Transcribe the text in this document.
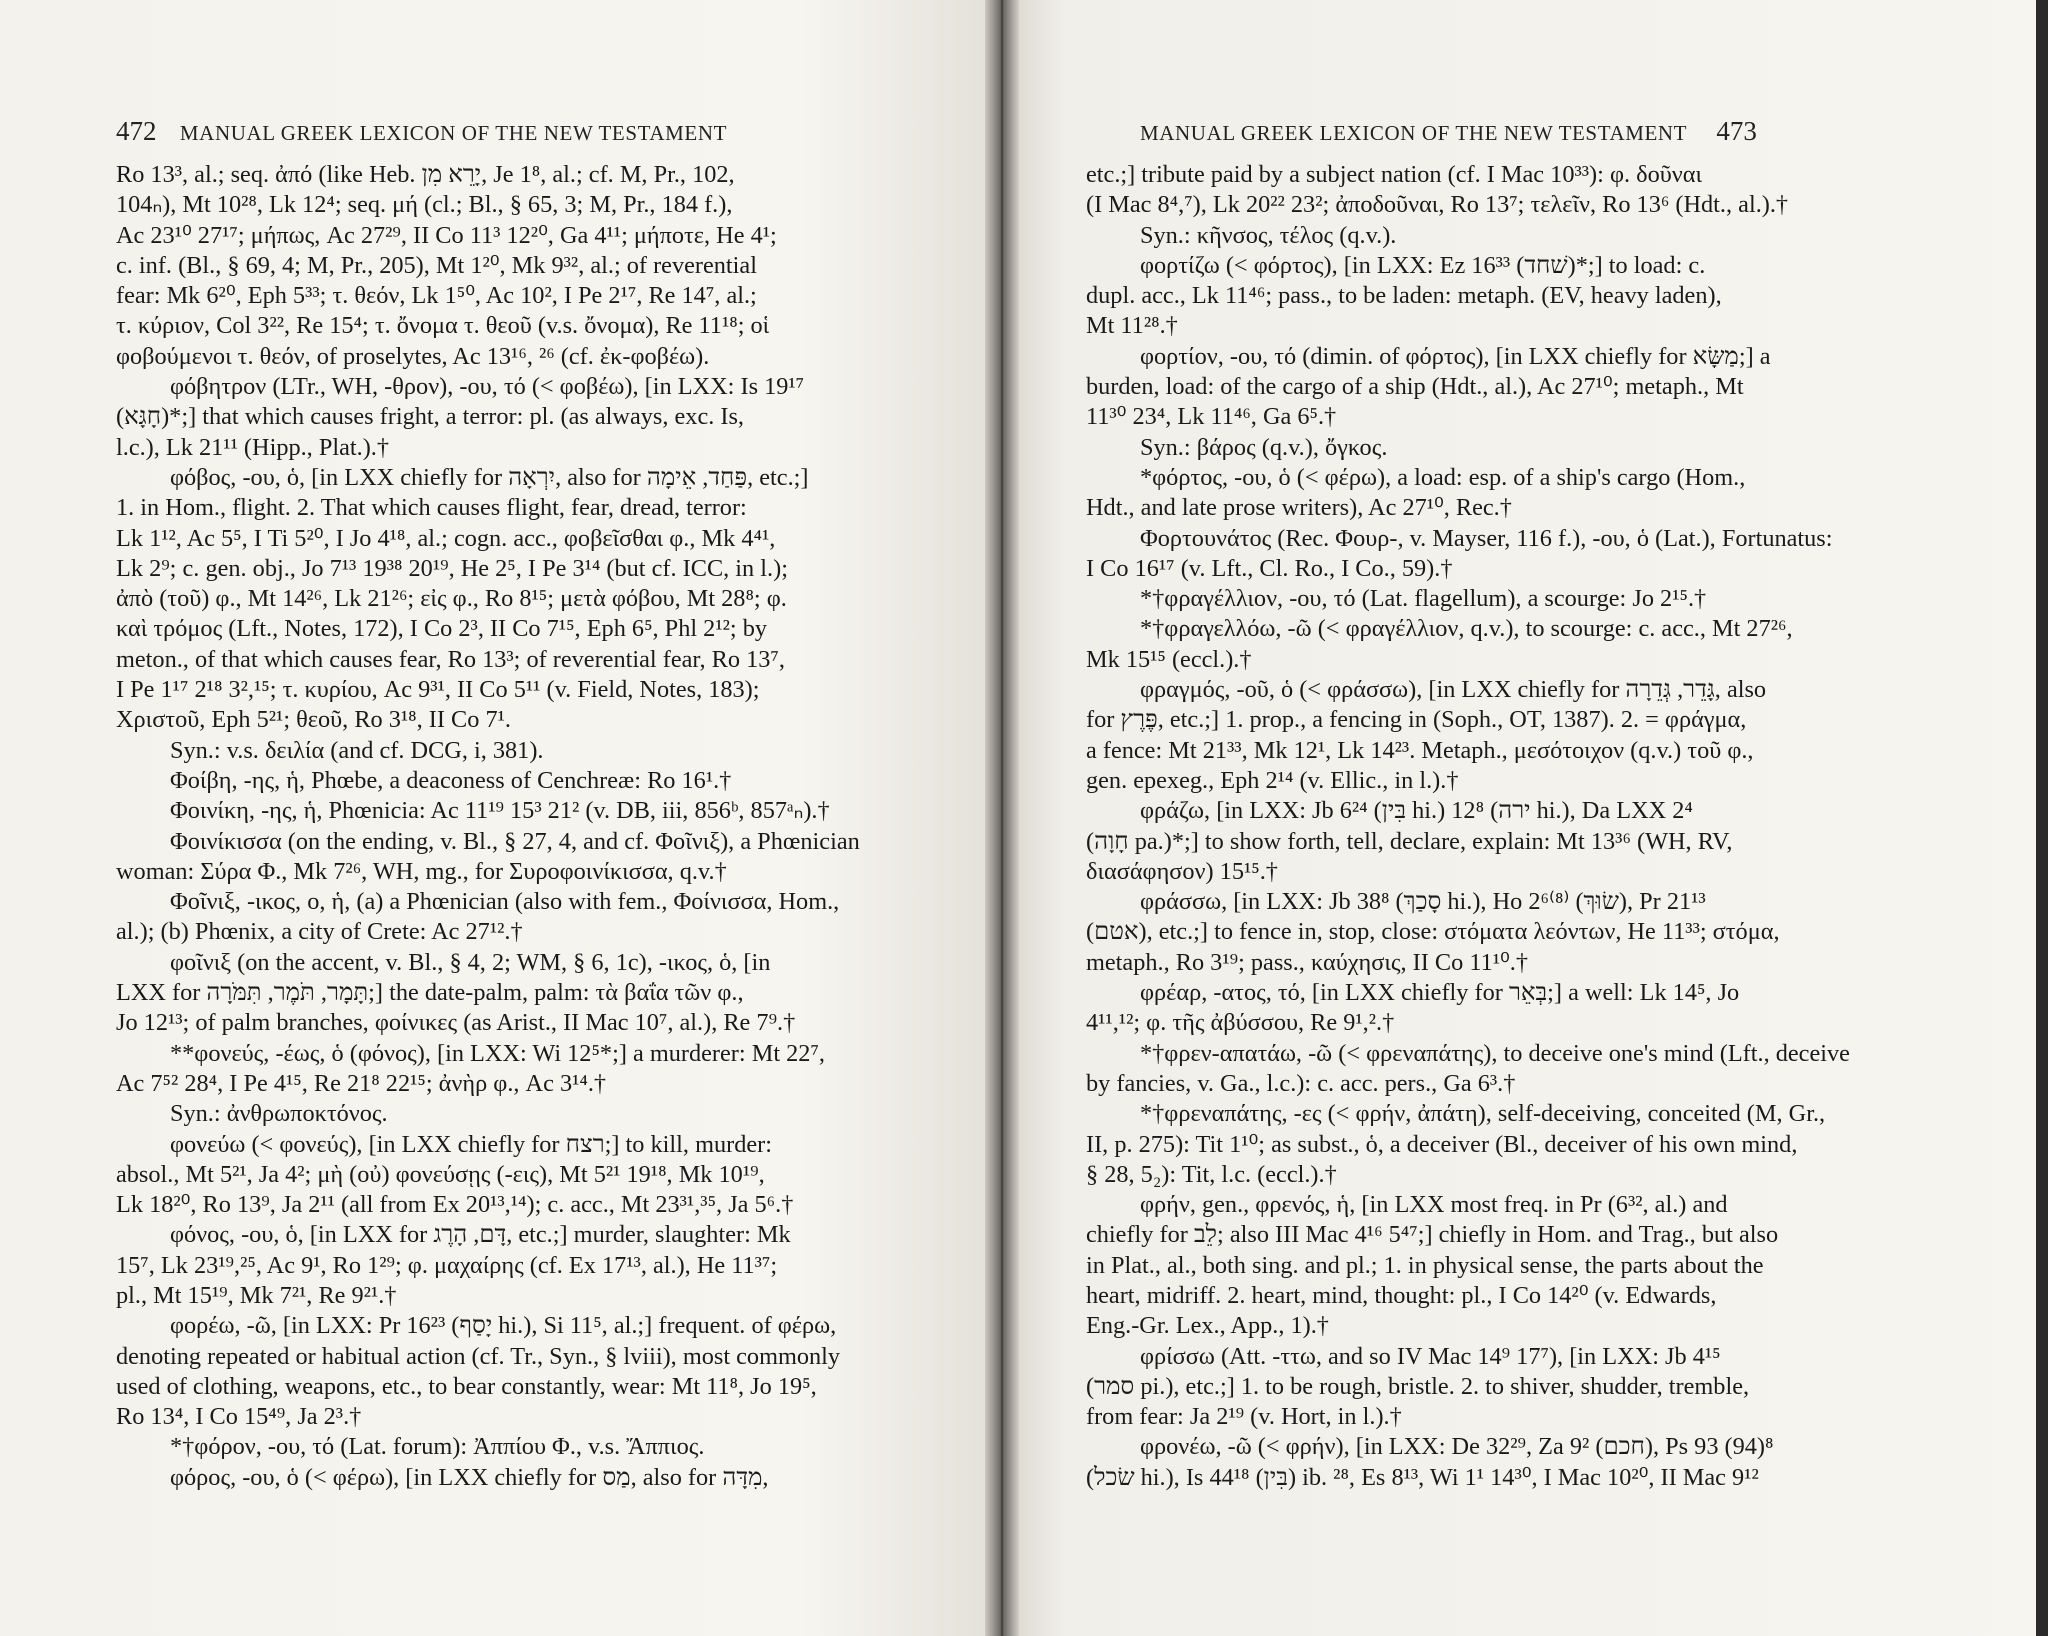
472 MANUAL GREEK LEXICON OF THE NEW TESTAMENT
Ro 13³, al.; seq. ἀπό (like Heb. יָרֵא מִן, Je 1⁸, al.; cf. M, Pr., 102,
104ₙ), Mt 10²⁸, Lk 12⁴; seq. μή (cl.; Bl., § 65, 3; M, Pr., 184 f.),
Ac 23¹⁰ 27¹⁷; μήπως, Ac 27²⁹, II Co 11³ 12²⁰, Ga 4¹¹; μήποτε, He 4¹;
c. inf. (Bl., § 69, 4; M, Pr., 205), Mt 1²⁰, Mk 9³², al.; of reverential
fear: Mk 6²⁰, Eph 5³³; τ. θεόν, Lk 1⁵⁰, Ac 10², I Pe 2¹⁷, Re 14⁷, al.;
τ. κύριον, Col 3²², Re 15⁴; τ. ὄνομα τ. θεοῦ (v.s. ὄνομα), Re 11¹⁸; οἱ
φοβούμενοι τ. θεόν, of proselytes, Ac 13¹⁶, ²⁶ (cf. ἐκ-φοβέω).
φόβητρον (LTr., WH, -θρον), -ου, τό (< φοβέω), [in LXX: Is 19¹⁷
(חָגָּא)*;] that which causes fright, a terror: pl. (as always, exc. Is,
l.c.), Lk 21¹¹ (Hipp., Plat.).†
φόβος, -ου, ὁ, [in LXX chiefly for יִרְאָה, also for פַּחַד, אֵימָה, etc.;]
1. in Hom., flight. 2. That which causes flight, fear, dread, terror:
Lk 1¹², Ac 5⁵, I Ti 5²⁰, I Jo 4¹⁸, al.; cogn. acc., φοβεῖσθαι φ., Mk 4⁴¹,
Lk 2⁹; c. gen. obj., Jo 7¹³ 19³⁸ 20¹⁹, He 2⁵, I Pe 3¹⁴ (but cf. ICC, in l.);
ἀπὸ (τοῦ) φ., Mt 14²⁶, Lk 21²⁶; εἰς φ., Ro 8¹⁵; μετὰ φόβου, Mt 28⁸; φ.
καὶ τρόμος (Lft., Notes, 172), I Co 2³, II Co 7¹⁵, Eph 6⁵, Phl 2¹²; by
meton., of that which causes fear, Ro 13³; of reverential fear, Ro 13⁷,
I Pe 1¹⁷ 2¹⁸ 3²,¹⁵; τ. κυρίου, Ac 9³¹, II Co 5¹¹ (v. Field, Notes, 183);
Χριστοῦ, Eph 5²¹; θεοῦ, Ro 3¹⁸, II Co 7¹.
Syn.: v.s. δειλία (and cf. DCG, i, 381).
Φοίβη, -ης, ἡ, Phœbe, a deaconess of Cenchreæ: Ro 16¹.†
Φοινίκη, -ης, ἡ, Phœnicia: Ac 11¹⁹ 15³ 21² (v. DB, iii, 856ᵇ, 857ᵃₙ).†
Φοινίκισσα (on the ending, v. Bl., § 27, 4, and cf. Φοῖνιξ), a Phœnician
woman: Σύρα Φ., Mk 7²⁶, WH, mg., for Συροφοινίκισσα, q.v.†
Φοῖνιξ, -ικος, ο, ἡ, (a) a Phœnician (also with fem., Φοίνισσα, Hom.,
al.); (b) Phœnix, a city of Crete: Ac 27¹².†
φοῖνιξ (on the accent, v. Bl., § 4, 2; WM, § 6, 1c), -ικος, ὁ, [in
LXX for תָּמָר, תֹּמֶר, תִּמֹּרָה;] the date-palm, palm: τὰ βαΐα τῶν φ.,
Jo 12¹³; of palm branches, φοίνικες (as Arist., II Mac 10⁷, al.), Re 7⁹.†
**φονεύς, -έως, ὁ (φόνος), [in LXX: Wi 12⁵*;] a murderer: Mt 22⁷,
Ac 7⁵² 28⁴, I Pe 4¹⁵, Re 21⁸ 22¹⁵; ἀνὴρ φ., Ac 3¹⁴.†
Syn.: ἀνθρωποκτόνος.
φονεύω (< φονεύς), [in LXX chiefly for רצח;] to kill, murder:
absol., Mt 5²¹, Ja 4²; μὴ (οὐ) φονεύσῃς (-εις), Mt 5²¹ 19¹⁸, Mk 10¹⁹,
Lk 18²⁰, Ro 13⁹, Ja 2¹¹ (all from Ex 20¹³,¹⁴); c. acc., Mt 23³¹,³⁵, Ja 5⁶.†
φόνος, -ου, ὁ, [in LXX for דָּם, הָרֶג, etc.;] murder, slaughter: Mk
15⁷, Lk 23¹⁹,²⁵, Ac 9¹, Ro 1²⁹; φ. μαχαίρης (cf. Ex 17¹³, al.), He 11³⁷;
pl., Mt 15¹⁹, Mk 7²¹, Re 9²¹.†
φορέω, -ῶ, [in LXX: Pr 16²³ (יָסַף hi.), Si 11⁵, al.;] frequent. of φέρω,
denoting repeated or habitual action (cf. Tr., Syn., § lviii), most commonly
used of clothing, weapons, etc., to bear constantly, wear: Mt 11⁸, Jo 19⁵,
Ro 13⁴, I Co 15⁴⁹, Ja 2³.†
*†φόρον, -ου, τό (Lat. forum): Ἀππίου Φ., v.s. Ἄππιος.
φόρος, -ου, ὁ (< φέρω), [in LXX chiefly for מַס, also for מִדָּה,
MANUAL GREEK LEXICON OF THE NEW TESTAMENT 473
etc.;] tribute paid by a subject nation (cf. I Mac 10³³): φ. δοῦναι
(I Mac 8⁴,⁷), Lk 20²² 23²; ἀποδοῦναι, Ro 13⁷; τελεῖν, Ro 13⁶ (Hdt., al.).†
Syn.: κῆνσος, τέλος (q.v.).
φορτίζω (< φόρτος), [in LXX: Ez 16³³ (שׁחד)*;] to load: c.
dupl. acc., Lk 11⁴⁶; pass., to be laden: metaph. (EV, heavy laden),
Mt 11²⁸.†
φορτίον, -ου, τό (dimin. of φόρτος), [in LXX chiefly for מַשָּׂא;] a
burden, load: of the cargo of a ship (Hdt., al.), Ac 27¹⁰; metaph., Mt
11³⁰ 23⁴, Lk 11⁴⁶, Ga 6⁵.†
Syn.: βάρος (q.v.), ὄγκος.
*φόρτος, -ου, ὁ (< φέρω), a load: esp. of a ship's cargo (Hom.,
Hdt., and late prose writers), Ac 27¹⁰, Rec.†
Φορτουνάτος (Rec. Φουρ-, v. Mayser, 116 f.), -ου, ὁ (Lat.), Fortunatus:
I Co 16¹⁷ (v. Lft., Cl. Ro., I Co., 59).†
*†φραγέλλιον, -ου, τό (Lat. flagellum), a scourge: Jo 2¹⁵.†
*†φραγελλόω, -ῶ (< φραγέλλιον, q.v.), to scourge: c. acc., Mt 27²⁶,
Mk 15¹⁵ (eccl.).†
φραγμός, -οῦ, ὁ (< φράσσω), [in LXX chiefly for גָּדֵר, גְּדֵרָה, also
for פֶּרֶץ, etc.;] 1. prop., a fencing in (Soph., OT, 1387). 2. = φράγμα,
a fence: Mt 21³³, Mk 12¹, Lk 14²³. Metaph., μεσότοιχον (q.v.) τοῦ φ.,
gen. epexeg., Eph 2¹⁴ (v. Ellic., in l.).†
φράζω, [in LXX: Jb 6²⁴ (בִּין hi.) 12⁸ (ירה hi.), Da LXX 2⁴
(חָוָה pa.)*;] to show forth, tell, declare, explain: Mt 13³⁶ (WH, RV,
διασάφησον) 15¹⁵.†
φράσσω, [in LXX: Jb 38⁸ (סָכַךְ hi.), Ho 2⁶⁽⁸⁾ (שׂוּךְ), Pr 21¹³
(אטם), etc.;] to fence in, stop, close: στόματα λεόντων, He 11³³; στόμα,
metaph., Ro 3¹⁹; pass., καύχησις, II Co 11¹⁰.†
φρέαρ, -ατος, τό, [in LXX chiefly for בְּאֵר;] a well: Lk 14⁵, Jo
4¹¹,¹²; φ. τῆς ἀβύσσου, Re 9¹,².†
*†φρεν-απατάω, -ῶ (< φρεναπάτης), to deceive one's mind (Lft., deceive
by fancies, v. Ga., l.c.): c. acc. pers., Ga 6³.†
*†φρεναπάτης, -ες (< φρήν, ἀπάτη), self-deceiving, conceited (M, Gr.,
II, p. 275): Tit 1¹⁰; as subst., ὁ, a deceiver (Bl., deceiver of his own mind,
§ 28, 5₂): Tit, l.c. (eccl.).†
φρήν, gen., φρενός, ἡ, [in LXX most freq. in Pr (6³², al.) and
chiefly for לֵב; also III Mac 4¹⁶ 5⁴⁷;] chiefly in Hom. and Trag., but also
in Plat., al., both sing. and pl.; 1. in physical sense, the parts about the
heart, midriff. 2. heart, mind, thought: pl., I Co 14²⁰ (v. Edwards,
Eng.-Gr. Lex., App., 1).†
φρίσσω (Att. -ττω, and so IV Mac 14⁹ 17⁷), [in LXX: Jb 4¹⁵
(סמר pi.), etc.;] 1. to be rough, bristle. 2. to shiver, shudder, tremble,
from fear: Ja 2¹⁹ (v. Hort, in l.).†
φρονέω, -ῶ (< φρήν), [in LXX: De 32²⁹, Za 9² (חכם), Ps 93 (94)⁸
(שׂכל hi.), Is 44¹⁸ (בִּין) ib. ²⁸, Es 8¹³, Wi 1¹ 14³⁰, I Mac 10²⁰, II Mac 9¹²
